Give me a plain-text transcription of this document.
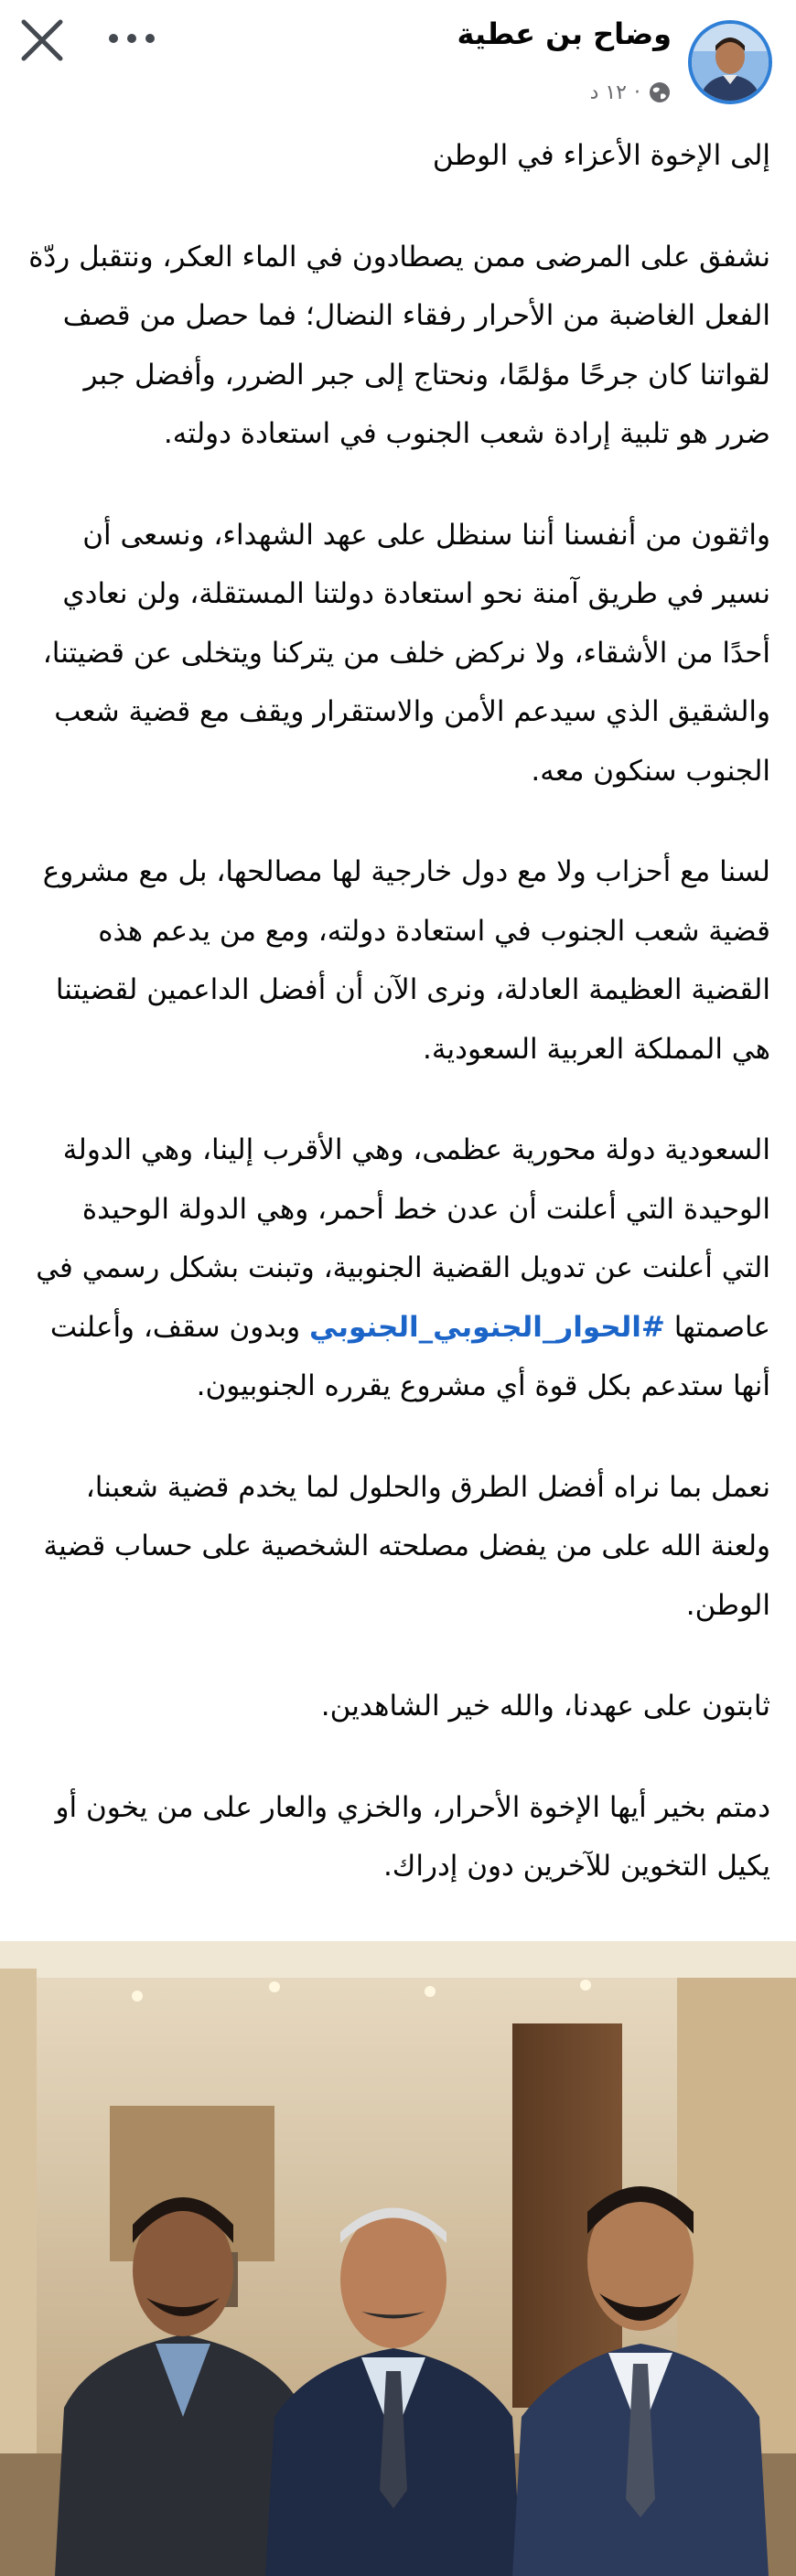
وضاح بن عطية
١٢ د ·

إلى الإخوة الأعزاء في الوطن

نشفق على المرضى ممن يصطادون في الماء العكر، ونتقبل ردّة الفعل الغاضبة من الأحرار رفقاء النضال؛ فما حصل من قصف لقواتنا كان جرحًا مؤلمًا، ونحتاج إلى جبر الضرر، وأفضل جبر ضرر هو تلبية إرادة شعب الجنوب في استعادة دولته.

واثقون من أنفسنا أننا سنظل على عهد الشهداء، ونسعى أن نسير في طريق آمنة نحو استعادة دولتنا المستقلة، ولن نعادي أحدًا من الأشقاء، ولا نركض خلف من يتركنا ويتخلى عن قضيتنا، والشقيق الذي سيدعم الأمن والاستقرار ويقف مع قضية شعب الجنوب سنكون معه.

لسنا مع أحزاب ولا مع دول خارجية لها مصالحها، بل مع مشروع قضية شعب الجنوب في استعادة دولته، ومع من يدعم هذه القضية العظيمة العادلة، ونرى الآن أن أفضل الداعمين لقضيتنا هي المملكة العربية السعودية.

السعودية دولة محورية عظمى، وهي الأقرب إلينا، وهي الدولة الوحيدة التي أعلنت أن عدن خط أحمر، وهي الدولة الوحيدة التي أعلنت عن تدويل القضية الجنوبية، وتبنت بشكل رسمي في عاصمتها #الحوار_الجنوبي_الجنوبي وبدون سقف، وأعلنت أنها ستدعم بكل قوة أي مشروع يقرره الجنوبيون.

نعمل بما نراه أفضل الطرق والحلول لما يخدم قضية شعبنا، ولعنة الله على من يفضل مصلحته الشخصية على حساب قضية الوطن.

ثابتون على عهدنا، والله خير الشاهدين.

دمتم بخير أيها الإخوة الأحرار، والخزي والعار على من يخون أو يكيل التخوين للآخرين دون إدراك.
